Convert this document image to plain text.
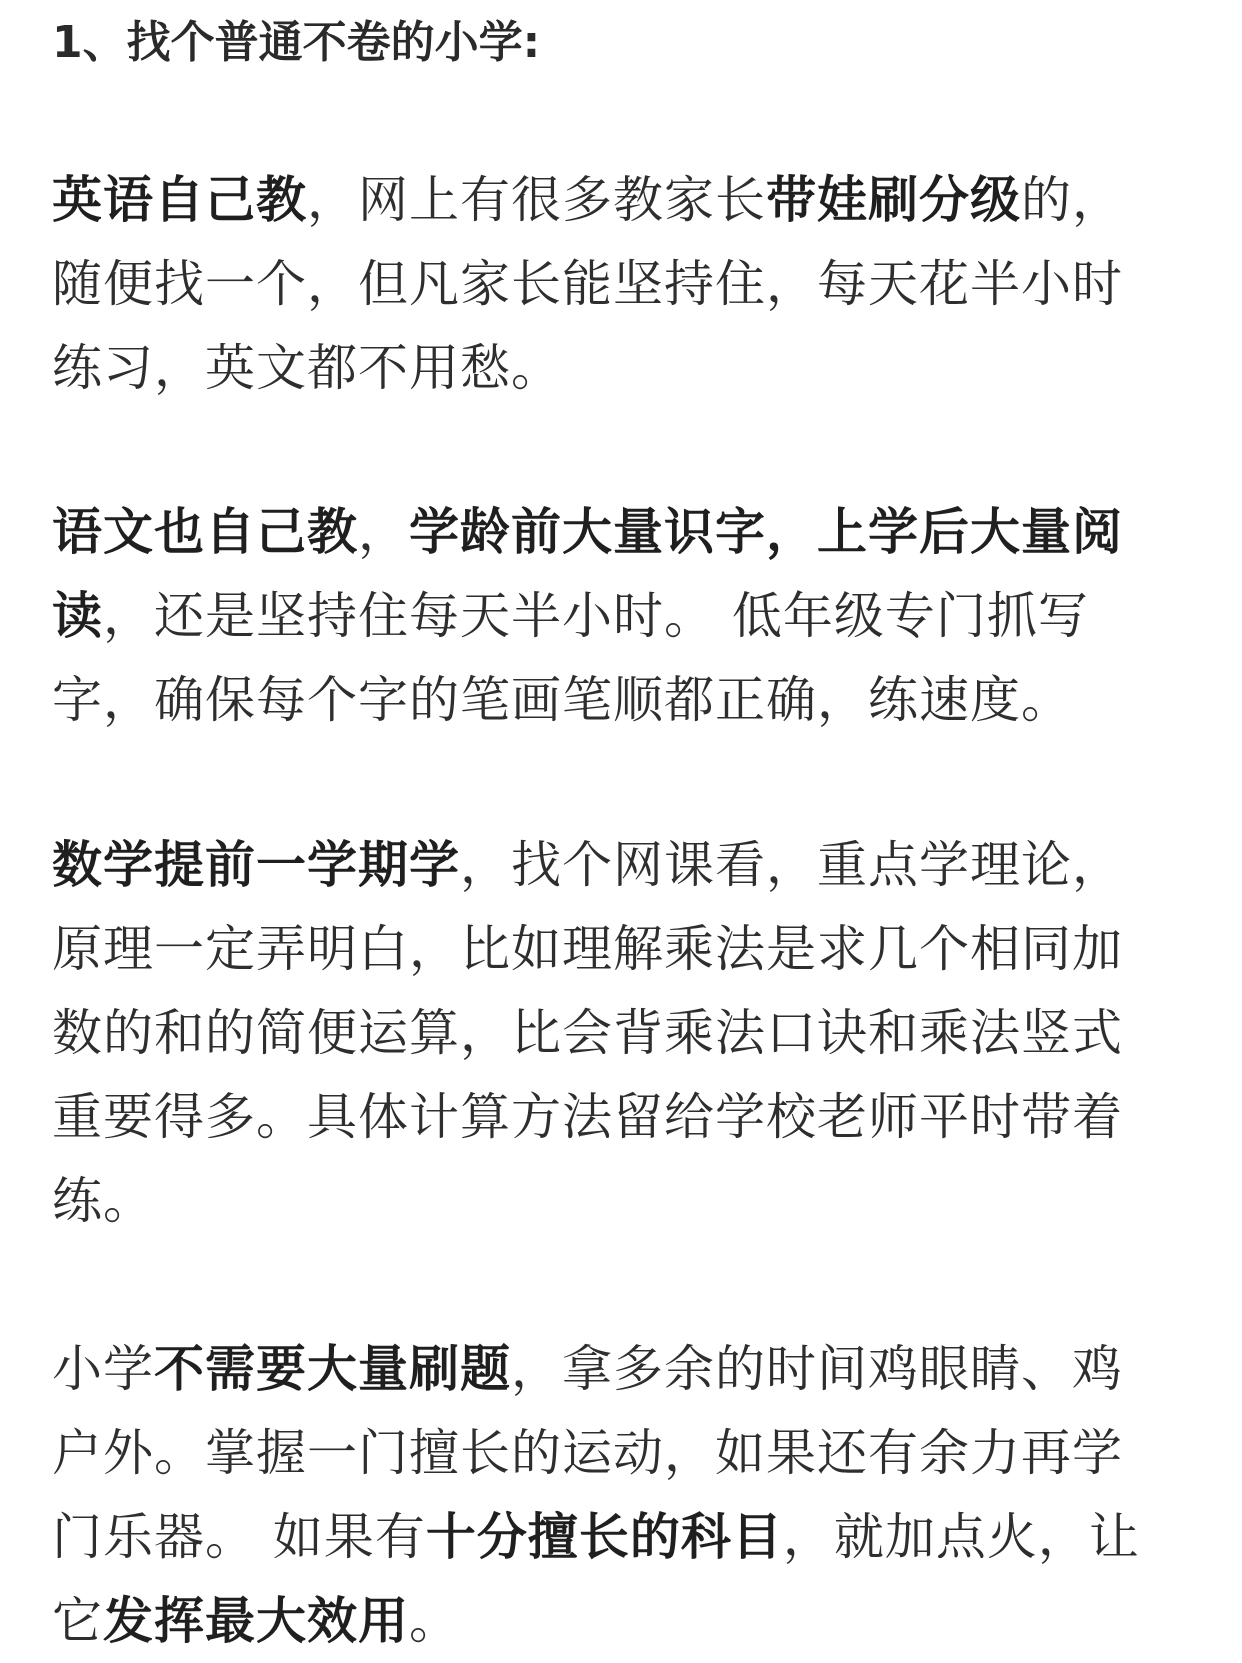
1、找个普通不卷的小学:
英语自己教，网上有很多教家长带娃刷分级的，
随便找一个，但凡家长能坚持住，每天花半小时
练习，英文都不用愁。
语文也自己教，学龄前大量识字，上学后大量阅
读，还是坚持住每天半小时。 低年级专门抓写
字，确保每个字的笔画笔顺都正确，练速度。
数学提前一学期学，找个网课看，重点学理论，
原理一定弄明白，比如理解乘法是求几个相同加
数的和的简便运算，比会背乘法口诀和乘法竖式
重要得多。具体计算方法留给学校老师平时带着
练。
小学不需要大量刷题，拿多余的时间鸡眼睛、鸡
户外。掌握一门擅长的运动，如果还有余力再学
门乐器。 如果有十分擅长的科目，就加点火，让
它发挥最大效用。
